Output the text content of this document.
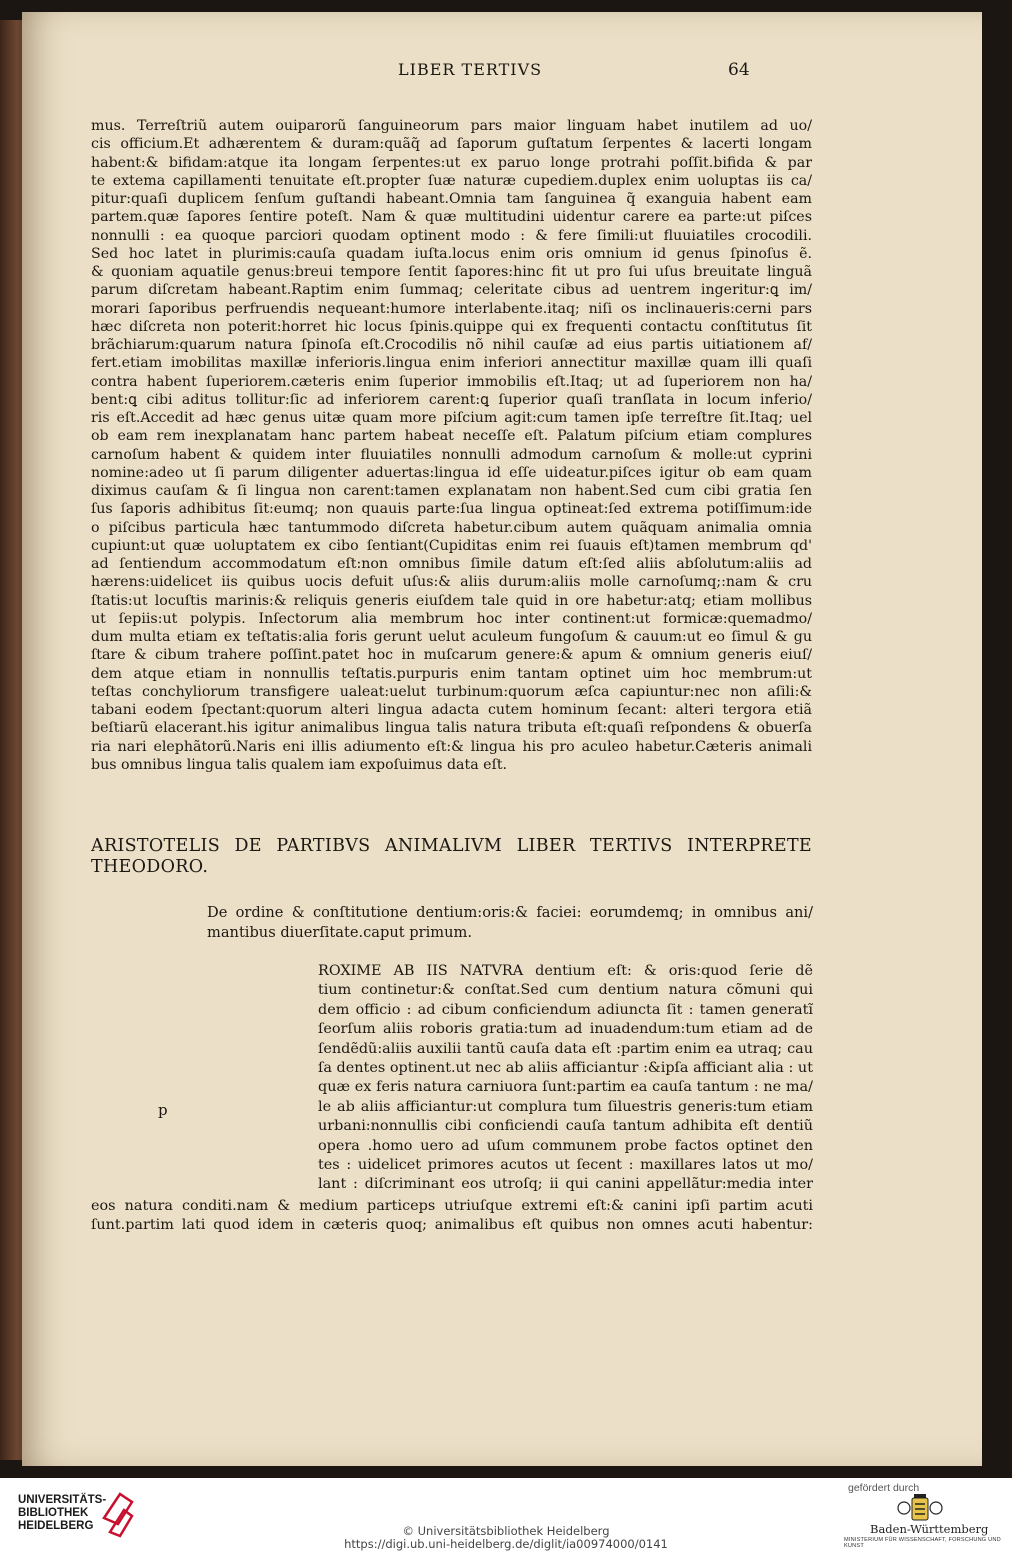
LIBER TERTIVS	64
mus. Terreſtriũ autem ouiparorũ ſanguineorum pars maior linguam habet inutilem ad uo/
cis officium.Et adhærentem & duram:quãq̃ ad ſaporum guſtatum ſerpentes & lacerti longam
habent:& bifidam:atque ita longam ſerpentes:ut ex paruo longe protrahi poſſit.bifida & par
te extema capillamenti tenuitate eſt.propter ſuæ naturæ cupediem.duplex enim uoluptas iis ca/
pitur:quaſi duplicem ſenſum guſtandi habeant.Omnia tam ſanguinea q̃ exanguia habent eam
partem.quæ ſapores ſentire poteſt. Nam & quæ multitudini uidentur carere ea parte:ut piſces
nonnulli : ea quoque parciori quodam optinent modo : & fere ſimili:ut fluuiatiles crocodili.
Sed hoc latet in plurimis:cauſa quadam iuſta.locus enim oris omnium id genus ſpinoſus ẽ.
& quoniam aquatile genus:breui tempore ſentit ſapores:hinc fit ut pro ſui uſus breuitate linguã
parum diſcretam habeant.Raptim enim ſummaq; celeritate cibus ad uentrem ingeritur:ꝗ im/
morari ſaporibus perfruendis nequeant:humore interlabente.itaq; niſi os inclinaueris:cerni pars
hæc diſcreta non poterit:horret hic locus ſpinis.quippe qui ex frequenti contactu conſtitutus ſit
brãchiarum:quarum natura ſpinoſa eſt.Crocodilis nõ nihil cauſæ ad eius partis uitiationem af/
fert.etiam imobilitas maxillæ inferioris.lingua enim inferiori annectitur maxillæ quam illi quaſi
contra habent ſuperiorem.cæteris enim ſuperior immobilis eſt.Itaq; ut ad ſuperiorem non ha/
bent:ꝗ cibi aditus tollitur:ſic ad inferiorem carent:ꝗ ſuperior quaſi tranſlata in locum inferio/
ris eſt.Accedit ad hæc genus uitæ quam more piſcium agit:cum tamen ipſe terreſtre ſit.Itaq; uel
ob eam rem inexplanatam hanc partem habeat neceſſe eſt. Palatum piſcium etiam complures
carnoſum habent & quidem inter fluuiatiles nonnulli admodum carnoſum & molle:ut cyprini
nomine:adeo ut ſi parum diligenter aduertas:lingua id eſſe uideatur.piſces igitur ob eam quam
diximus cauſam & ſi lingua non carent:tamen explanatam non habent.Sed cum cibi gratia ſen
ſus ſaporis adhibitus ſit:eumq; non quauis parte:ſua lingua optineat:ſed extrema potiſſimum:ide
o piſcibus particula hæc tantummodo diſcreta habetur.cibum autem quãquam animalia omnia
cupiunt:ut quæ uoluptatem ex cibo ſentiant(Cupiditas enim rei ſuauis eſt)tamen membrum qd'
ad ſentiendum accommodatum eſt:non omnibus ſimile datum eſt:ſed aliis abſolutum:aliis ad
hærens:uidelicet iis quibus uocis defuit uſus:& aliis durum:aliis molle carnoſumq;:nam & cru
ſtatis:ut locuſtis marinis:& reliquis generis eiuſdem tale quid in ore habetur:atq; etiam mollibus
ut ſepiis:ut polypis. Inſectorum alia membrum hoc inter continent:ut formicæ:quemadmo/
dum multa etiam ex teſtatis:alia foris gerunt uelut aculeum fungoſum & cauum:ut eo ſimul & gu
ſtare & cibum trahere poſſint.patet hoc in muſcarum genere:& apum & omnium generis eiuſ/
dem atque etiam in nonnullis teſtatis.purpuris enim tantam optinet uim hoc membrum:ut
teſtas conchyliorum transfigere ualeat:uelut turbinum:quorum æſca capiuntur:nec non aſili:&
tabani eodem ſpectant:quorum alteri lingua adacta cutem hominum ſecant: alteri tergora etiã
beſtiarũ elacerant.his igitur animalibus lingua talis natura tributa eſt:quaſi reſpondens & obuerſa
ria nari elephãtorũ.Naris eni illis adiumento eſt:& lingua his pro aculeo habetur.Cæteris animali
bus omnibus lingua talis qualem iam expoſuimus data eſt.
ARISTOTELIS DE PARTIBVS ANIMALIVM LIBER TERTIVS INTERPRETE
THEODORO.
De ordine & conſtitutione dentium:oris:& faciei: eorumdemq; in omnibus ani/
mantibus diuerſitate.caput primum.
ROXIME AB IIS NATVRA dentium eſt: & oris:quod ſerie dẽ
tium continetur:& conſtat.Sed cum dentium natura cõmuni qui
dem officio : ad cibum conficiendum adiuncta ſit : tamen generatĩ
ſeorſum aliis roboris gratia:tum ad inuadendum:tum etiam ad de
ſendẽdũ:aliis auxilii tantũ cauſa data eſt :partim enim ea utraq; cau
ſa dentes optinent.ut nec ab aliis afficiantur :&ipſa afficiant alia : ut
quæ ex feris natura carniuora ſunt:partim ea cauſa tantum : ne ma/
le ab aliis afficiantur:ut complura tum ſiluestris generis:tum etiam
urbani:nonnullis cibi conficiendi cauſa tantum adhibita eſt dentiũ
opera .homo uero ad uſum communem probe factos optinet den
tes : uidelicet primores acutos ut ſecent : maxillares latos ut mo/
lant : diſcriminant eos utroſq; ii qui canini appellãtur:media inter
eos natura conditi.nam & medium particeps utriuſque extremi eſt:& canini ipſi partim acuti
ſunt.partim lati quod idem in cæteris quoq; animalibus eſt quibus non omnes acuti habentur:
p
UNIVERSITÄTS-
BIBLIOTHEK
HEIDELBERG	© Universitätsbibliothek Heidelberg
https://digi.ub.uni-heidelberg.de/diglit/ia00974000/0141
gefördert durch
Baden-Württemberg
MINISTERIUM FÜR WISSENSCHAFT, FORSCHUNG UND KUNST
